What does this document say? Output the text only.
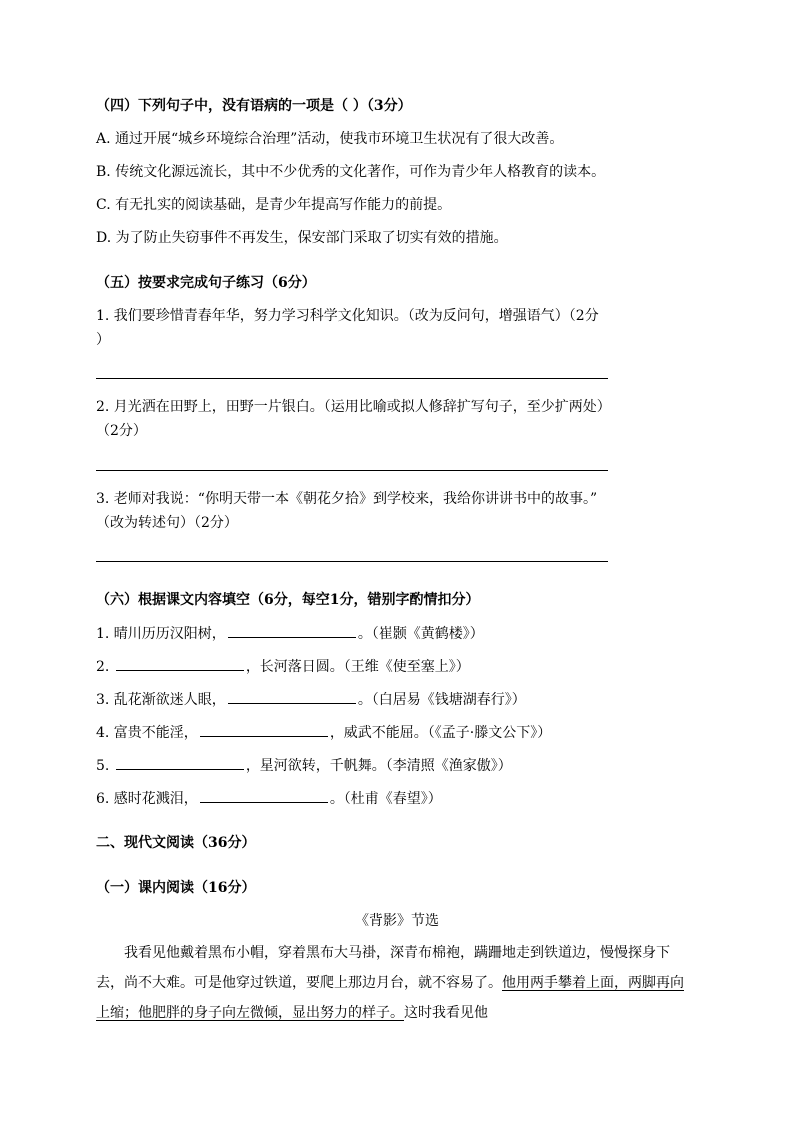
（四）下列句子中，没有语病的一项是（ ）（3分）
A. 通过开展“城乡环境综合治理”活动，使我市环境卫生状况有了很大改善。
B. 传统文化源远流长，其中不少优秀的文化著作，可作为青少年人格教育的读本。
C. 有无扎实的阅读基础，是青少年提高写作能力的前提。
D. 为了防止失窃事件不再发生，保安部门采取了切实有效的措施。
（五）按要求完成句子练习（6分）
1. 我们要珍惜青春年华，努力学习科学文化知识。（改为反问句，增强语气）（2分
）
2. 月光洒在田野上，田野一片银白。（运用比喻或拟人修辞扩写句子，至少扩两处）
（2分）
3. 老师对我说：“你明天带一本《朝花夕拾》到学校来，我给你讲讲书中的故事。”
（改为转述句）（2分）
（六）根据课文内容填空（6分，每空1分，错别字酌情扣分）
1. 晴川历历汉阳树，	。（崔颢《黄鹤楼》）
2.	，长河落日圆。（王维《使至塞上》）
3. 乱花渐欲迷人眼，	。（白居易《钱塘湖春行》）
4. 富贵不能淫，	，威武不能屈。（《孟子·滕文公下》）
5.	，星河欲转，千帆舞。（李清照《渔家傲》）
6. 感时花溅泪，	。（杜甫《春望》）
二、现代文阅读（36分）
（一）课内阅读（16分）
《背影》节选
我看见他戴着黑布小帽，穿着黑布大马褂，深青布棉袍，蹒跚地走到铁道边，慢慢探身下去，尚不大难。可是他穿过铁道，要爬上那边月台，就不容易了。他用两手攀着上面，两脚再向上缩；他肥胖的身子向左微倾，显出努力的样子。这时我看见他
